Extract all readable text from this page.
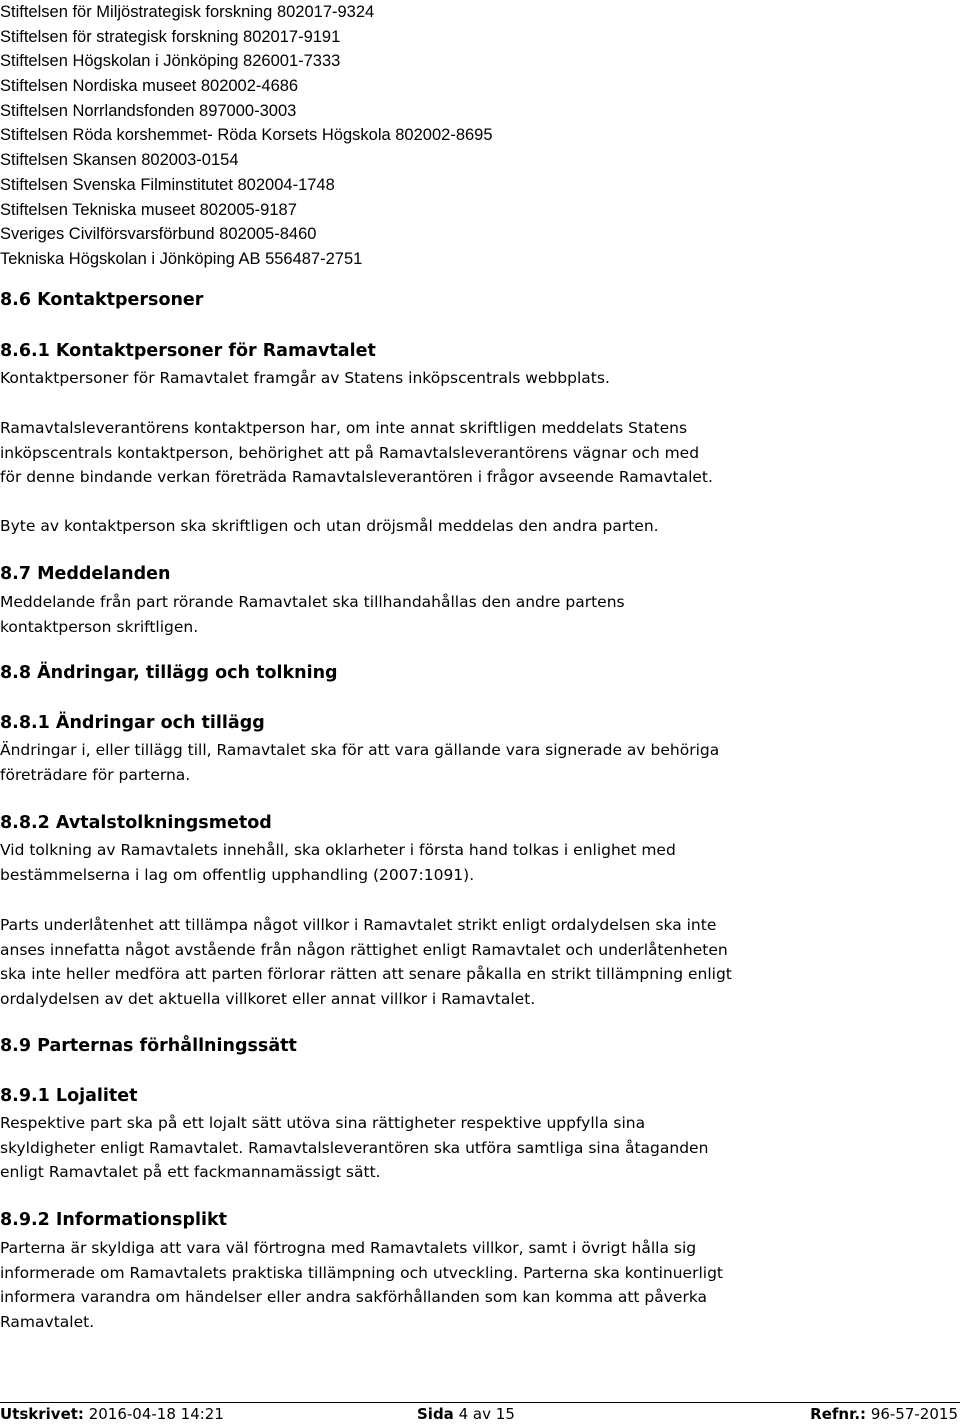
Stiftelsen för Miljöstrategisk forskning 802017-9324
Stiftelsen för strategisk forskning 802017-9191
Stiftelsen Högskolan i Jönköping 826001-7333
Stiftelsen Nordiska museet 802002-4686
Stiftelsen Norrlandsfonden 897000-3003
Stiftelsen Röda korshemmet- Röda Korsets Högskola 802002-8695
Stiftelsen Skansen 802003-0154
Stiftelsen Svenska Filminstitutet 802004-1748
Stiftelsen Tekniska museet 802005-9187
Sveriges Civilförsvarsförbund 802005-8460
Tekniska Högskolan i Jönköping AB 556487-2751
8.6 Kontaktpersoner
8.6.1 Kontaktpersoner för Ramavtalet
Kontaktpersoner för Ramavtalet framgår av Statens inköpscentrals webbplats.
Ramavtalsleverantörens kontaktperson har, om inte annat skriftligen meddelats Statens
inköpscentrals kontaktperson, behörighet att på Ramavtalsleverantörens vägnar och med
för denne bindande verkan företräda Ramavtalsleverantören i frågor avseende Ramavtalet.
Byte av kontaktperson ska skriftligen och utan dröjsmål meddelas den andra parten.
8.7 Meddelanden
Meddelande från part rörande Ramavtalet ska tillhandahållas den andre partens
kontaktperson skriftligen.
8.8 Ändringar, tillägg och tolkning
8.8.1 Ändringar och tillägg
Ändringar i, eller tillägg till, Ramavtalet ska för att vara gällande vara signerade av behöriga
företrädare för parterna.
8.8.2 Avtalstolkningsmetod
Vid tolkning av Ramavtalets innehåll, ska oklarheter i första hand tolkas i enlighet med
bestämmelserna i lag om offentlig upphandling (2007:1091).
Parts underlåtenhet att tillämpa något villkor i Ramavtalet strikt enligt ordalydelsen ska inte
anses innefatta något avstående från någon rättighet enligt Ramavtalet och underlåtenheten
ska inte heller medföra att parten förlorar rätten att senare påkalla en strikt tillämpning enligt
ordalydelsen av det aktuella villkoret eller annat villkor i Ramavtalet.
8.9 Parternas förhållningssätt
8.9.1 Lojalitet
Respektive part ska på ett lojalt sätt utöva sina rättigheter respektive uppfylla sina
skyldigheter enligt Ramavtalet. Ramavtalsleverantören ska utföra samtliga sina åtaganden
enligt Ramavtalet på ett fackmannamässigt sätt.
8.9.2 Informationsplikt
Parterna är skyldiga att vara väl förtrogna med Ramavtalets villkor, samt i övrigt hålla sig
informerade om Ramavtalets praktiska tillämpning och utveckling. Parterna ska kontinuerligt
informera varandra om händelser eller andra sakförhållanden som kan komma att påverka
Ramavtalet.
Utskrivet: 2016-04-18 14:21	Sida 4 av 15	Refnr.: 96-57-2015
